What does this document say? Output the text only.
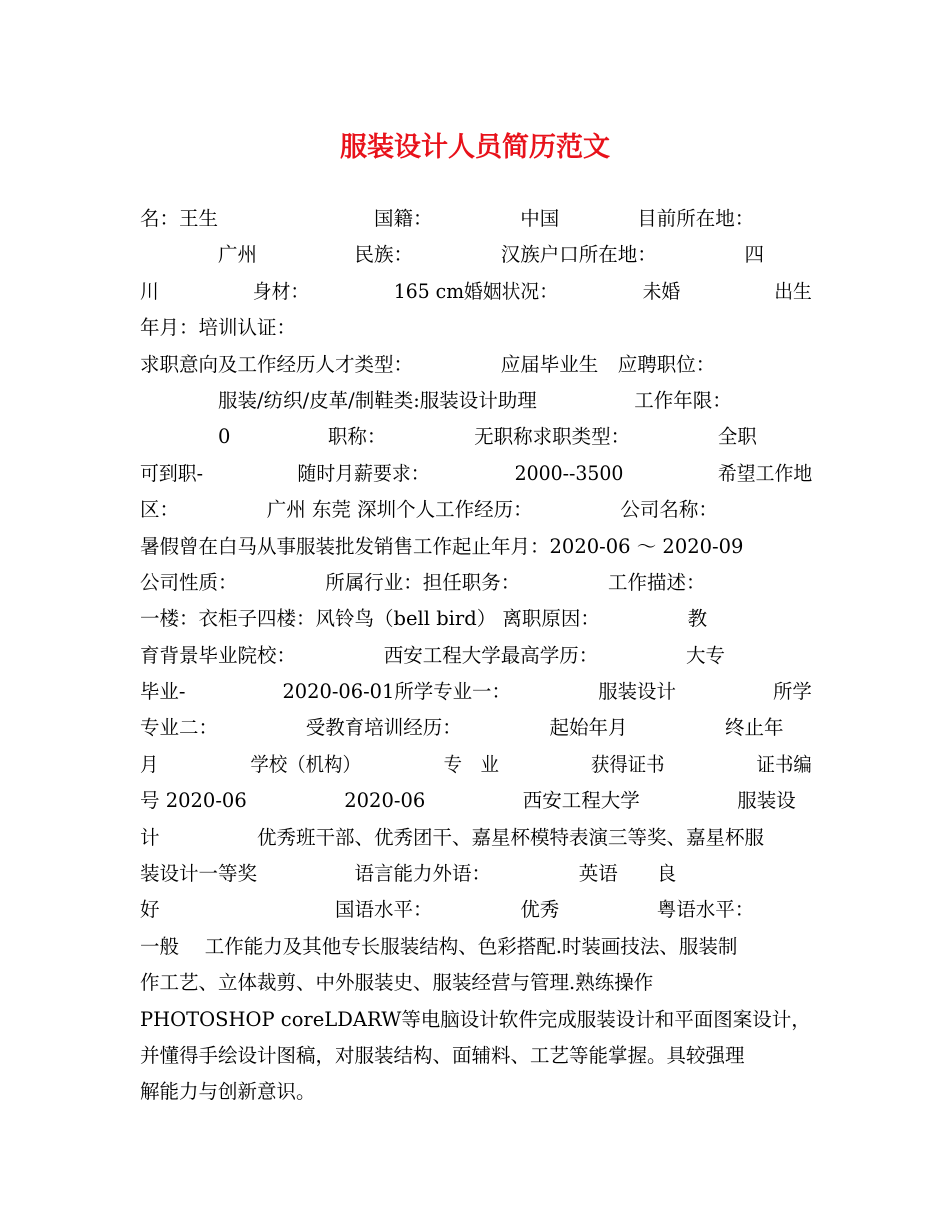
服装设计人员简历范文
名：王生　　　　　　　　国籍：　　　　　中国　　　　目前所在地：
　　　　广州　　　　　民族：　　　　　汉族户口所在地：　　　　　四
川　　　　　身材：　　　　　165 cm婚姻状况：　　　　　未婚　　　　　出生
年月：培训认证：
求职意向及工作经历人才类型：　　　　　应届毕业生　应聘职位：
　　　　服装/纺织/皮革/制鞋类:服装设计助理　　　　　工作年限：
　　　　0　　　　　职称：　　　　　无职称求职类型：　　　　　全职
可到职-　　　　　随时月薪要求：　　　　　2000--3500　　　　　希望工作地
区：　　　　　广州 东莞 深圳个人工作经历：　　　　　公司名称：
暑假曾在白马从事服装批发销售工作起止年月：2020-06 ～ 2020-09
公司性质：　　　　　所属行业：担任职务：　　　　　工作描述：
一楼：衣柜子四楼：风铃鸟（bell bird） 离职原因：　　　　　教
育背景毕业院校：　　　　　西安工程大学最高学历：　　　　　大专
毕业-　　　　　2020-06-01所学专业一：　　　　　服装设计　　　　　所学
专业二：　　　　　受教育培训经历：　　　　　起始年月　　　　　终止年
月　　　　　学校（机构）　　　　　专　业　　　　　获得证书　　　　　证书编
号 2020-06　　　　　2020-06　　　　　西安工程大学　　　　　服装设
计　　　　　优秀班干部、优秀团干、嘉星杯模特表演三等奖、嘉星杯服
装设计一等奖　　　　　语言能力外语：　　　　　英语　　良
好　　　　　　　　　国语水平：　　　　　优秀　　　　　粤语水平：
一般　 工作能力及其他专长服装结构、色彩搭配.时装画技法、服装制
作工艺、立体裁剪、中外服装史、服装经营与管理.熟练操作
PHOTOSHOP coreLDARW等电脑设计软件完成服装设计和平面图案设计，
并懂得手绘设计图稿，对服装结构、面辅料、工艺等能掌握。具较强理
解能力与创新意识。
